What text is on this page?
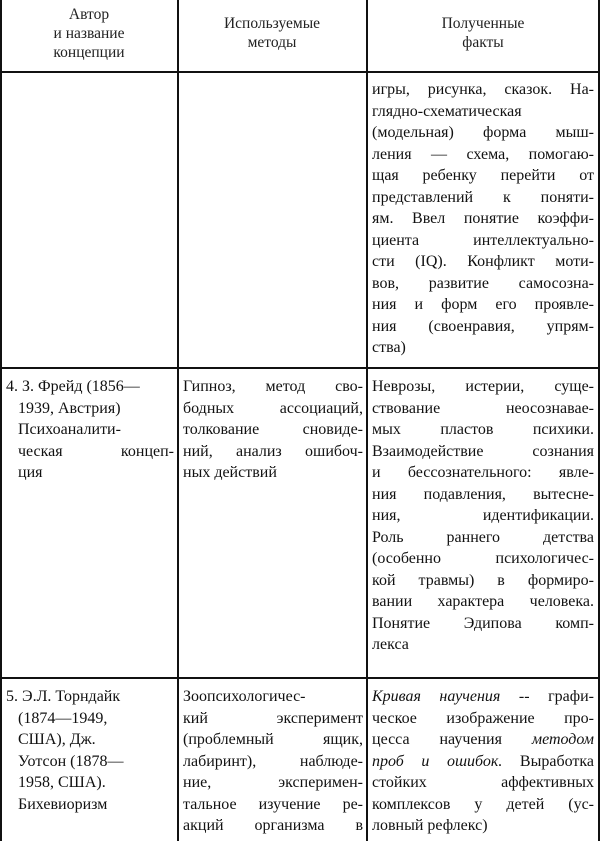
Автор
и название
концепции
Используемые
методы
Полученные
факты
игры, рисунка, сказок. На-
глядно-схематическая
(модельная) форма мыш-
ления — схема, помогаю-
щая ребенку перейти от
представлений к поняти-
ям. Ввел понятие коэффи-
циента интеллектуально-
сти (IQ). Конфликт моти-
вов, развитие самосозна-
ния и форм его проявле-
ния (своенравия, упрям-
ства)
4. З. Фрейд (1856—
1939, Австрия)
Психоаналити-
ческая концеп-
ция
Гипноз, метод сво-
бодных ассоциаций,
толкование сновиде-
ний, анализ ошибоч-
ных действий
Неврозы, истерии, суще-
ствование неосознавае-
мых пластов психики.
Взаимодействие сознания
и бессознательного: явле-
ния подавления, вытесне-
ния, идентификации.
Роль раннего детства
(особенно психологичес-
кой травмы) в формиро-
вании характера человека.
Понятие Эдипова комп-
лекса
5. Э.Л. Торндайк
(1874—1949,
США), Дж.
Уотсон (1878—
1958, США).
Бихевиоризм
Зоопсихологичес-
кий эксперимент
(проблемный ящик,
лабиринт), наблюде-
ние, эксперимен-
тальное изучение ре-
акций организма в
Кривая научения -- графи-
ческое изображение про-
цесса научения методом
проб и ошибок. Выработка
стойких аффективных
комплексов у детей (ус-
ловный рефлекс)
